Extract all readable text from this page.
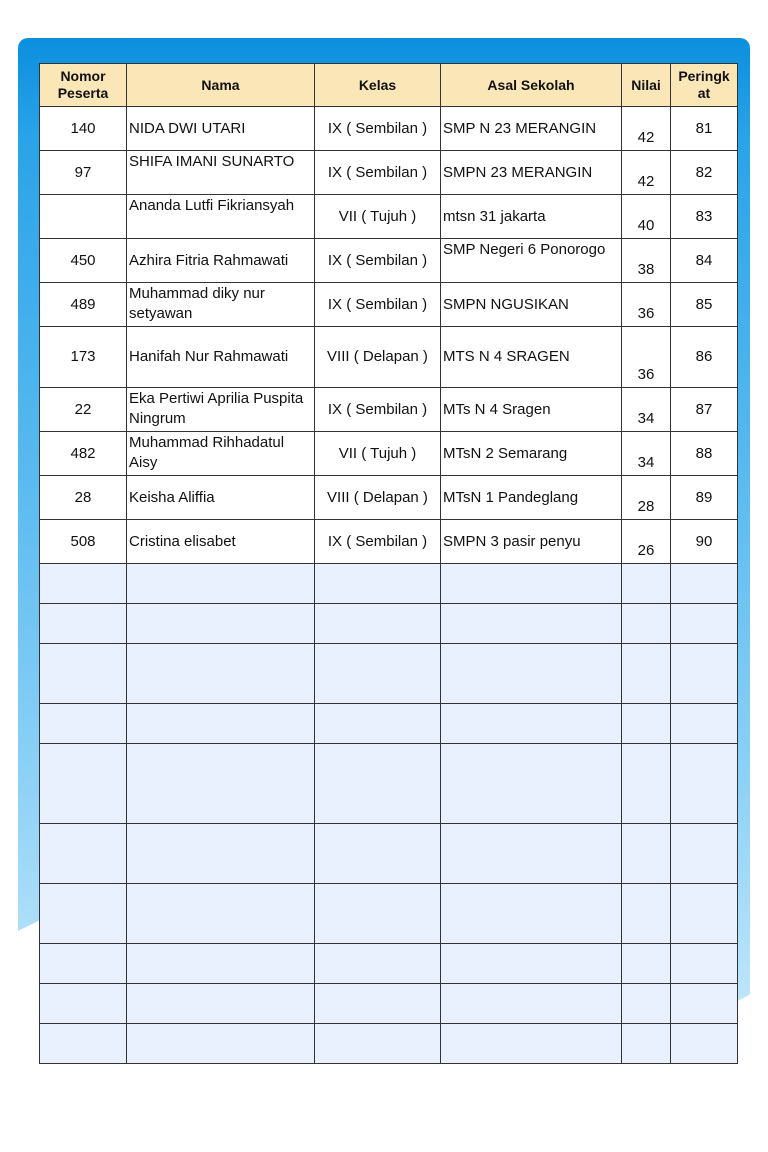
Nomor Peserta	Nama	Kelas	Asal Sekolah	Nilai	Peringk at
140	NIDA DWI UTARI	IX ( Sembilan )	SMP N 23 MERANGIN	42	81
97	SHIFA IMANI SUNARTO	IX ( Sembilan )	SMPN 23 MERANGIN	42	82
	Ananda Lutfi Fikriansyah	VII ( Tujuh )	mtsn 31 jakarta	40	83
450	Azhira Fitria Rahmawati	IX ( Sembilan )	SMP Negeri 6 Ponorogo	38	84
489	Muhammad diky nur setyawan	IX ( Sembilan )	SMPN NGUSIKAN	36	85
173	Hanifah Nur Rahmawati	VIII ( Delapan )	MTS N 4 SRAGEN	36	86
22	Eka Pertiwi Aprilia Puspita Ningrum	IX ( Sembilan )	MTs N 4 Sragen	34	87
482	Muhammad Rihhadatul Aisy	VII ( Tujuh )	MTsN 2 Semarang	34	88
28	Keisha Aliffia	VIII ( Delapan )	MTsN 1 Pandeglang	28	89
508	Cristina elisabet	IX ( Sembilan )	SMPN 3 pasir penyu	26	90
